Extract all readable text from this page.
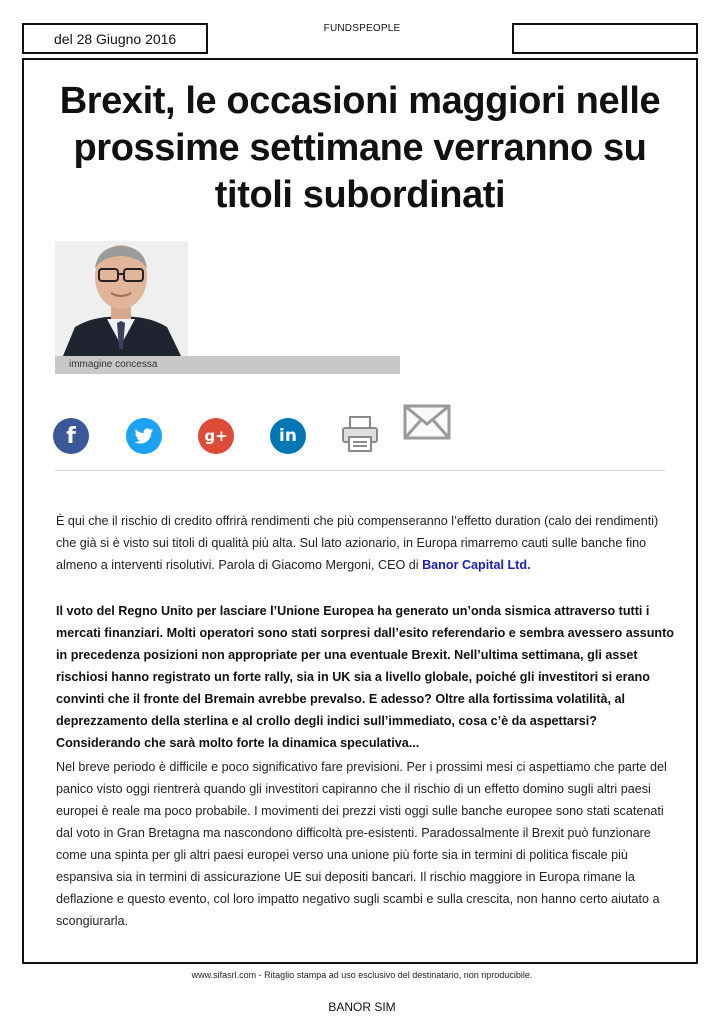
del 28 Giugno 2016
FUNDSPEOPLE
Brexit, le occasioni maggiori nelle prossime settimane verranno su titoli subordinati
immagine concessa
f	g+	in

È qui che il rischio di credito offrirà rendimenti che più compenseranno l’effetto duration (calo dei rendimenti) che già si è visto sui titoli di qualità più alta. Sul lato azionario, in Europa rimarremo cauti sulle banche fino almeno a interventi risolutivi. Parola di Giacomo Mergoni, CEO di Banor Capital Ltd.

Il voto del Regno Unito per lasciare l’Unione Europea ha generato un’onda sismica attraverso tutti i mercati finanziari. Molti operatori sono stati sorpresi dall’esito referendario e sembra avessero assunto in precedenza posizioni non appropriate per una eventuale Brexit. Nell’ultima settimana, gli asset rischiosi hanno registrato un forte rally, sia in UK sia a livello globale, poiché gli investitori si erano convinti che il fronte del Bremain avrebbe prevalso. E adesso? Oltre alla fortissima volatilità, al deprezzamento della sterlina e al crollo degli indici sull’immediato, cosa c’è da aspettarsi? Considerando che sarà molto forte la dinamica speculativa...

Nel breve periodo è difficile e poco significativo fare previsioni. Per i prossimi mesi ci aspettiamo che parte del panico visto oggi rientrerà quando gli investitori capiranno che il rischio di un effetto domino sugli altri paesi europei è reale ma poco probabile. I movimenti dei prezzi visti oggi sulle banche europee sono stati scatenati dal voto in Gran Bretagna ma nascondono difficoltà pre-esistenti. Paradossalmente il Brexit può funzionare come una spinta per gli altri paesi europei verso una unione più forte sia in termini di politica fiscale più espansiva sia in termini di assicurazione UE sui depositi bancari. Il rischio maggiore in Europa rimane la deflazione e questo evento, col loro impatto negativo sugli scambi e sulla crescita, non hanno certo aiutato a scongiurarla.

www.sifasrl.com - Ritaglio stampa ad uso esclusivo del destinatario, non riproducibile.
BANOR SIM
